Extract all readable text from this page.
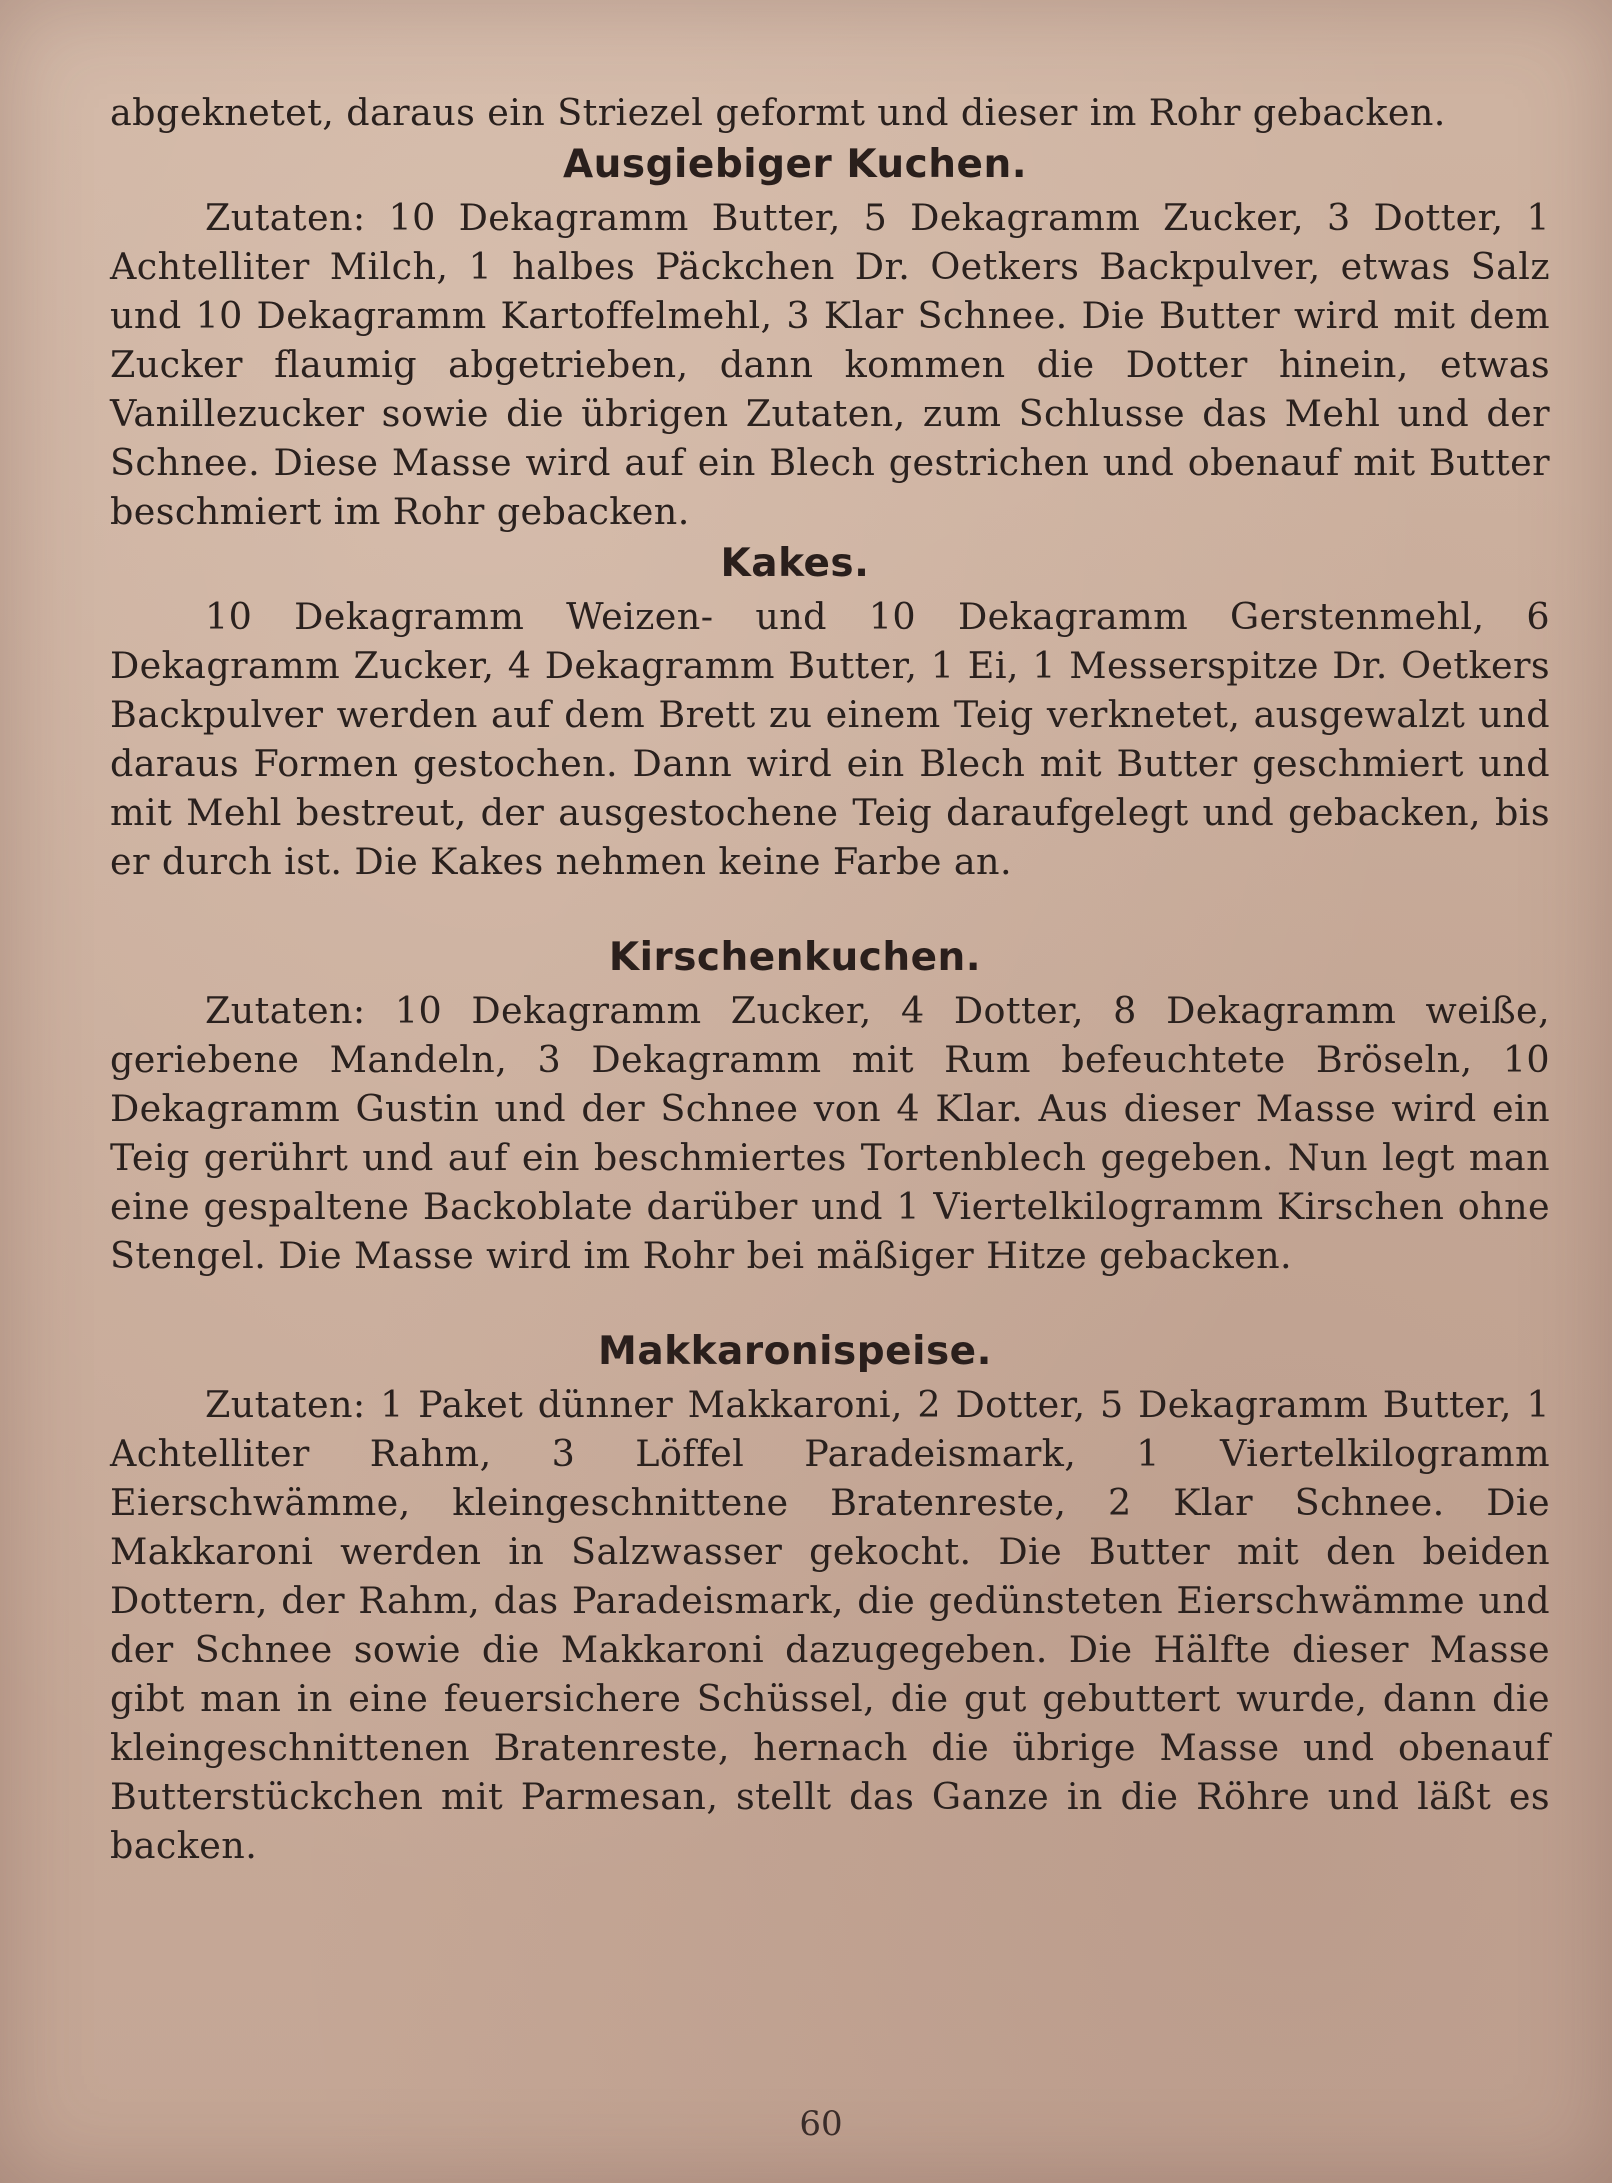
abgeknetet, daraus ein Striezel geformt und dieser im Rohr gebacken.

Ausgiebiger Kuchen.

Zutaten: 10 Dekagramm Butter, 5 Dekagramm Zucker, 3 Dotter, 1 Achtelliter Milch, 1 halbes Päckchen Dr. Oetkers Backpulver, etwas Salz und 10 Dekagramm Kartoffelmehl, 3 Klar Schnee. Die Butter wird mit dem Zucker flaumig abgetrieben, dann kommen die Dotter hinein, etwas Vanillezucker sowie die übrigen Zutaten, zum Schlusse das Mehl und der Schnee. Diese Masse wird auf ein Blech gestrichen und obenauf mit Butter beschmiert im Rohr gebacken.

Kakes.

10 Dekagramm Weizen- und 10 Dekagramm Gerstenmehl, 6 Dekagramm Zucker, 4 Dekagramm Butter, 1 Ei, 1 Messerspitze Dr. Oetkers Backpulver werden auf dem Brett zu einem Teig verknetet, ausgewalzt und daraus Formen gestochen. Dann wird ein Blech mit Butter geschmiert und mit Mehl bestreut, der ausgestochene Teig daraufgelegt und gebacken, bis er durch ist. Die Kakes nehmen keine Farbe an.

Kirschenkuchen.

Zutaten: 10 Dekagramm Zucker, 4 Dotter, 8 Dekagramm weiße, geriebene Mandeln, 3 Dekagramm mit Rum befeuchtete Bröseln, 10 Dekagramm Gustin und der Schnee von 4 Klar. Aus dieser Masse wird ein Teig gerührt und auf ein beschmiertes Tortenblech gegeben. Nun legt man eine gespaltene Backoblate darüber und 1 Viertelkilogramm Kirschen ohne Stengel. Die Masse wird im Rohr bei mäßiger Hitze gebacken.

Makkaronispeise.

Zutaten: 1 Paket dünner Makkaroni, 2 Dotter, 5 Dekagramm Butter, 1 Achtelliter Rahm, 3 Löffel Paradeismark, 1 Viertelkilogramm Eierschwämme, kleingeschnittene Bratenreste, 2 Klar Schnee. Die Makkaroni werden in Salzwasser gekocht. Die Butter mit den beiden Dottern, der Rahm, das Paradeismark, die gedünsteten Eierschwämme und der Schnee sowie die Makkaroni dazugegeben. Die Hälfte dieser Masse gibt man in eine feuersichere Schüssel, die gut gebuttert wurde, dann die kleingeschnittenen Bratenreste, hernach die übrige Masse und obenauf Butterstückchen mit Parmesan, stellt das Ganze in die Röhre und läßt es backen.

60
